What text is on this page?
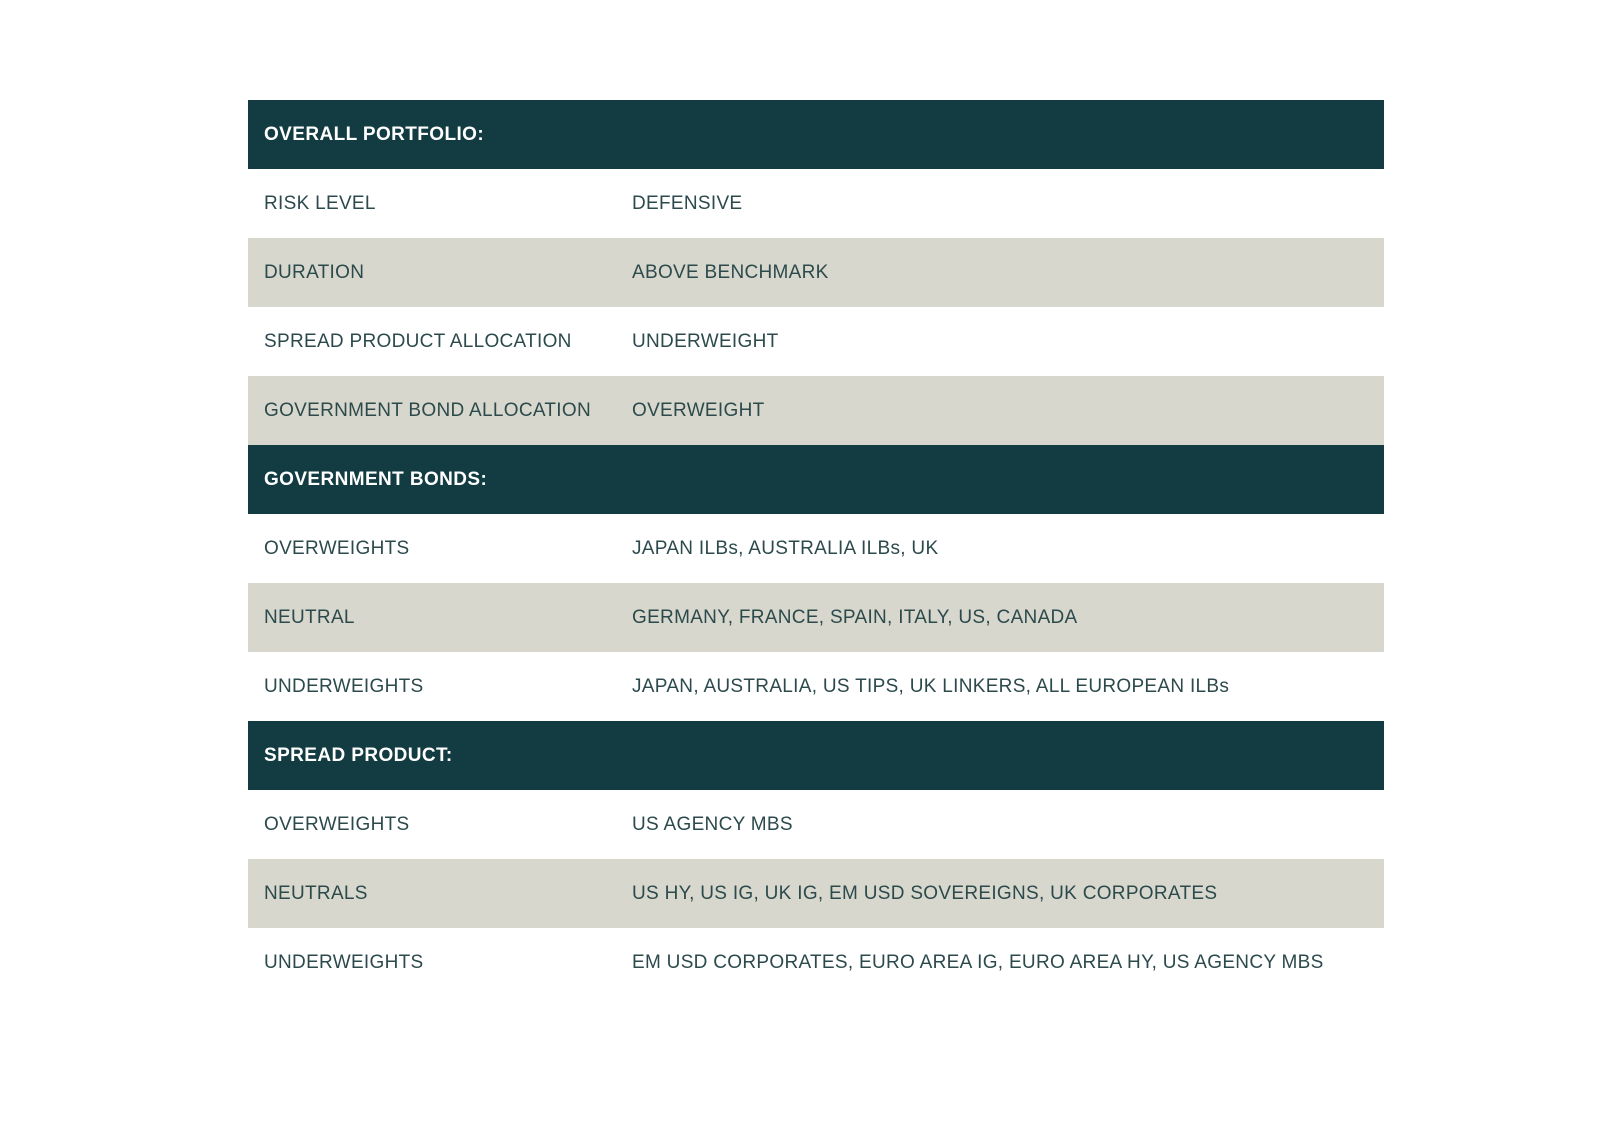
OVERALL PORTFOLIO:
RISK LEVEL	DEFENSIVE
DURATION	ABOVE BENCHMARK
SPREAD PRODUCT ALLOCATION	UNDERWEIGHT
GOVERNMENT BOND ALLOCATION	OVERWEIGHT
GOVERNMENT BONDS:
OVERWEIGHTS	JAPAN ILBs, AUSTRALIA ILBs, UK
NEUTRAL	GERMANY, FRANCE, SPAIN, ITALY, US, CANADA
UNDERWEIGHTS	JAPAN, AUSTRALIA, US TIPS, UK LINKERS, ALL EUROPEAN ILBs
SPREAD PRODUCT:
OVERWEIGHTS	US AGENCY MBS
NEUTRALS	US HY, US IG, UK IG, EM USD SOVEREIGNS, UK CORPORATES
UNDERWEIGHTS	EM USD CORPORATES, EURO AREA IG, EURO AREA HY, US AGENCY MBS
